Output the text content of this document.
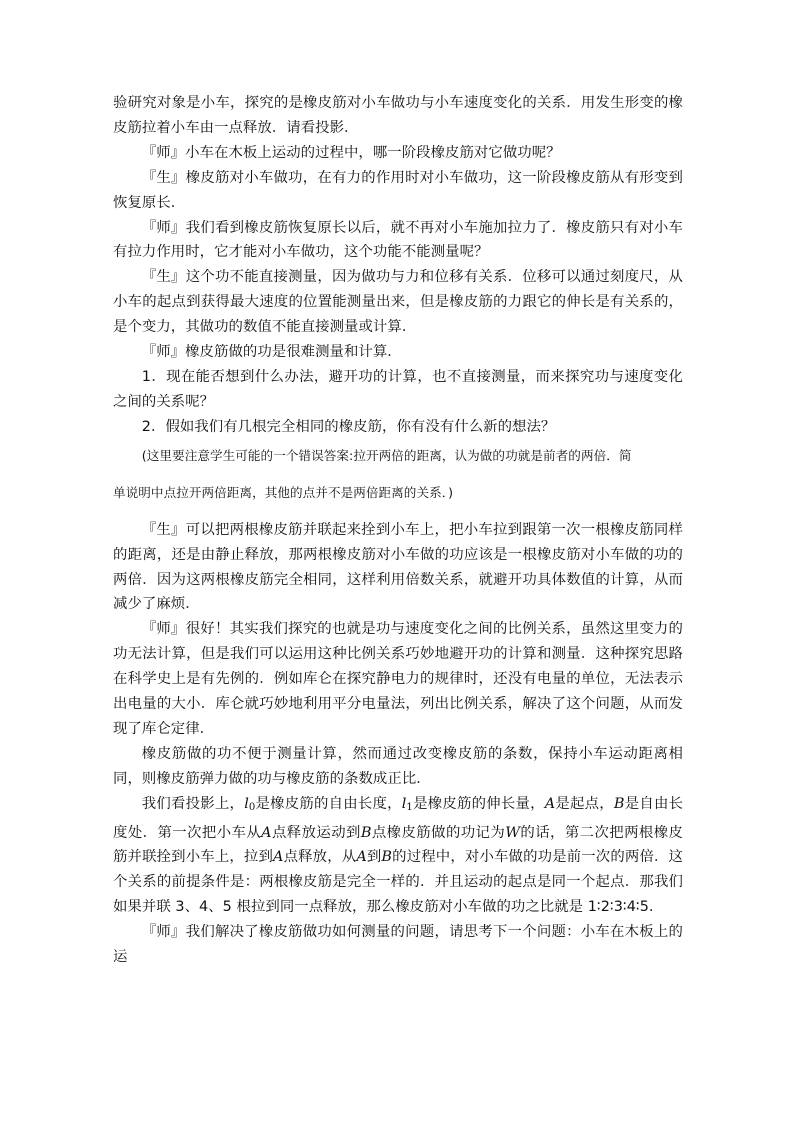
验研究对象是小车，探究的是橡皮筋对小车做功与小车速度变化的关系．用发生形变的橡皮筋拉着小车由一点释放．请看投影．

『师』小车在木板上运动的过程中，哪一阶段橡皮筋对它做功呢？

『生』橡皮筋对小车做功，在有力的作用时对小车做功，这一阶段橡皮筋从有形变到恢复原长．

『师』我们看到橡皮筋恢复原长以后，就不再对小车施加拉力了．橡皮筋只有对小车有拉力作用时，它才能对小车做功，这个功能不能测量呢？

『生』这个功不能直接测量，因为做功与力和位移有关系．位移可以通过刻度尺，从小车的起点到获得最大速度的位置能测量出来，但是橡皮筋的力跟它的伸长是有关系的，是个变力，其做功的数值不能直接测量或计算．

『师』橡皮筋做的功是很难测量和计算．

1．现在能否想到什么办法，避开功的计算，也不直接测量，而来探究功与速度变化之间的关系呢？

2．假如我们有几根完全相同的橡皮筋，你有没有什么新的想法？

(这里要注意学生可能的一个错误答案:拉开两倍的距离，认为做的功就是前者的两倍．简

单说明中点拉开两倍距离，其他的点并不是两倍距离的关系．)

『生』可以把两根橡皮筋并联起来拴到小车上，把小车拉到跟第一次一根橡皮筋同样的距离，还是由静止释放，那两根橡皮筋对小车做的功应该是一根橡皮筋对小车做的功的两倍．因为这两根橡皮筋完全相同，这样利用倍数关系，就避开功具体数值的计算，从而减少了麻烦．

『师』很好！其实我们探究的也就是功与速度变化之间的比例关系，虽然这里变力的功无法计算，但是我们可以运用这种比例关系巧妙地避开功的计算和测量．这种探究思路在科学史上是有先例的．例如库仑在探究静电力的规律时，还没有电量的单位，无法表示出电量的大小．库仑就巧妙地利用平分电量法，列出比例关系，解决了这个问题，从而发现了库仑定律．

橡皮筋做的功不便于测量计算，然而通过改变橡皮筋的条数，保持小车运动距离相同，则橡皮筋弹力做的功与橡皮筋的条数成正比．

我们看投影上，$l_0$是橡皮筋的自由长度，$l_1$是橡皮筋的伸长量，A是起点，B是自由长度处．第一次把小车从A点释放运动到B点橡皮筋做的功记为W的话，第二次把两根橡皮筋并联拴到小车上，拉到A点释放，从A到B的过程中，对小车做的功是前一次的两倍．这个关系的前提条件是：两根橡皮筋是完全一样的．并且运动的起点是同一个起点．那我们如果并联 3、4、5 根拉到同一点释放，那么橡皮筋对小车做的功之比就是 1∶2∶3∶4∶5.

『师』我们解决了橡皮筋做功如何测量的问题，请思考下一个问题：小车在木板上的运
